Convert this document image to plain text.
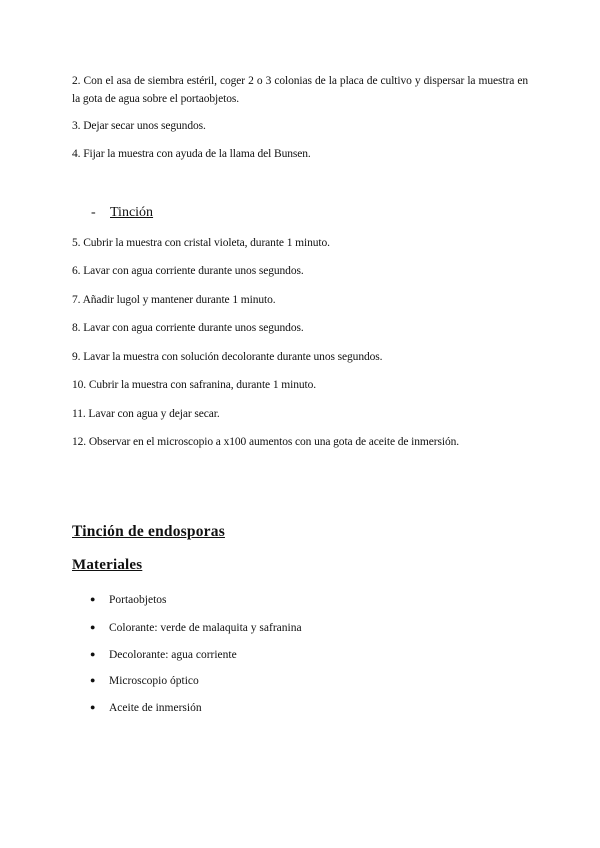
2. Con el asa de siembra estéril, coger 2 o 3 colonias de la placa de cultivo y dispersar la muestra en la gota de agua sobre el portaobjetos.

3. Dejar secar unos segundos.

4. Fijar la muestra con ayuda de la llama del Bunsen.

- Tinción

5. Cubrir la muestra con cristal violeta, durante 1 minuto.

6. Lavar con agua corriente durante unos segundos.

7. Añadir lugol y mantener durante 1 minuto.

8. Lavar con agua corriente durante unos segundos.

9. Lavar la muestra con solución decolorante durante unos segundos.

10. Cubrir la muestra con safranina, durante 1 minuto.

11. Lavar con agua y dejar secar.

12. Observar en el microscopio a x100 aumentos con una gota de aceite de inmersión.

Tinción de endosporas
Materiales
● Portaobjetos
● Colorante: verde de malaquita y safranina
● Decolorante: agua corriente
● Microscopio óptico
● Aceite de inmersión
